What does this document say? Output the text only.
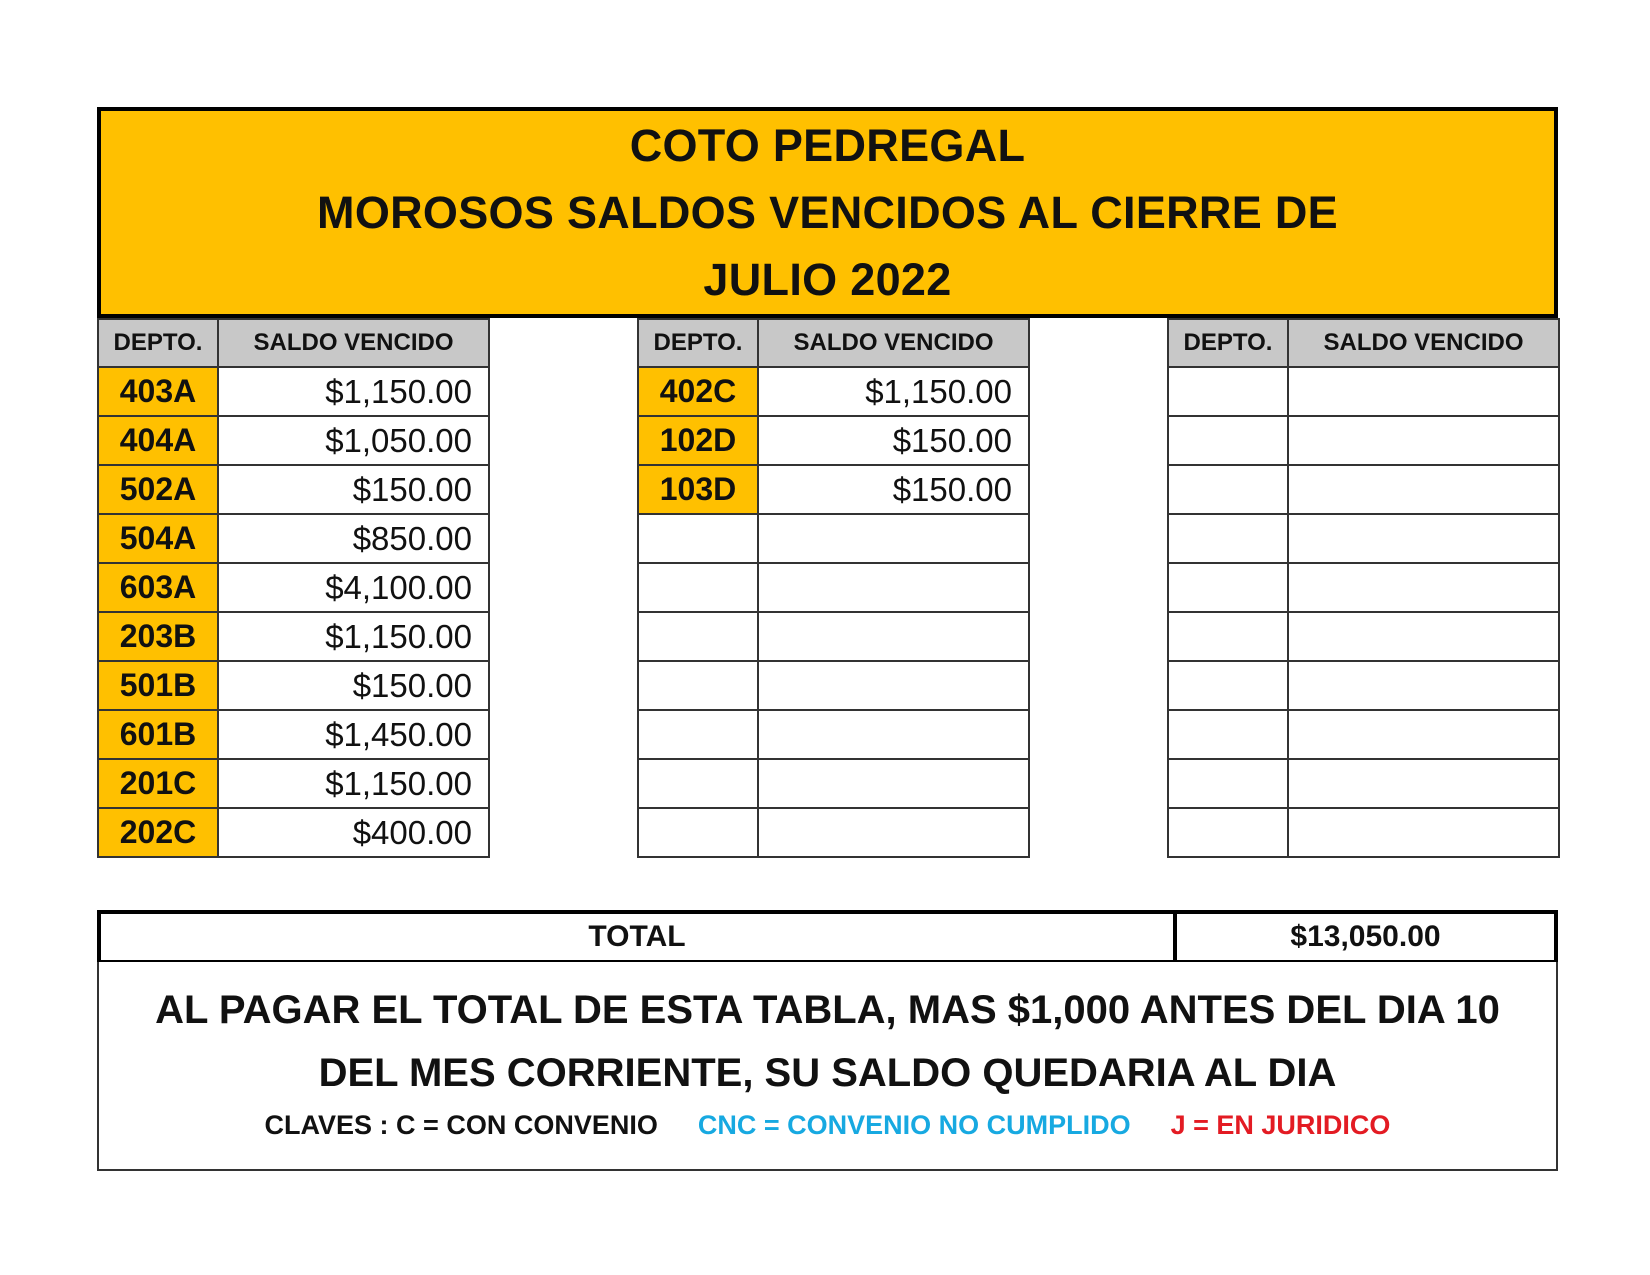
COTO PEDREGAL
MOROSOS SALDOS VENCIDOS AL CIERRE DE
JULIO 2022
DEPTO.	SALDO VENCIDO
403A	$1,150.00
404A	$1,050.00
502A	$150.00
504A	$850.00
603A	$4,100.00
203B	$1,150.00
501B	$150.00
601B	$1,450.00
201C	$1,150.00
202C	$400.00
DEPTO.	SALDO VENCIDO
402C	$1,150.00
102D	$150.00
103D	$150.00

DEPTO.	SALDO VENCIDO

TOTAL	$13,050.00
AL PAGAR EL TOTAL DE ESTA TABLA, MAS $1,000 ANTES DEL DIA 10
DEL MES CORRIENTE, SU SALDO QUEDARIA AL DIA
CLAVES : C = CON CONVENIO CNC = CONVENIO NO CUMPLIDO J = EN JURIDICO
